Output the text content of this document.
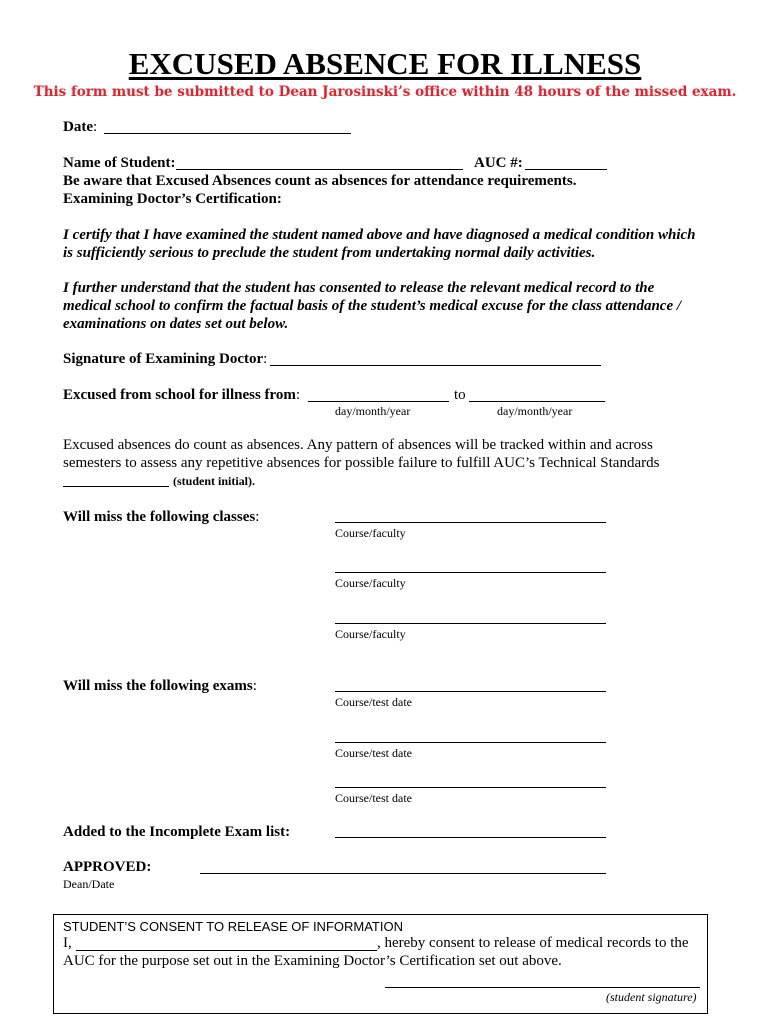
EXCUSED ABSENCE FOR ILLNESS
This form must be submitted to Dean Jarosinski’s office within 48 hours of the missed exam.
Date:
Name of Student:	AUC #:
Be aware that Excused Absences count as absences for attendance requirements.
Examining Doctor’s Certification:
I certify that I have examined the student named above and have diagnosed a medical condition which
is sufficiently serious to preclude the student from undertaking normal daily activities.
I further understand that the student has consented to release the relevant medical record to the
medical school to confirm the factual basis of the student’s medical excuse for the class attendance /
examinations on dates set out below.
Signature of Examining Doctor:
Excused from school for illness from:	to
day/month/year	day/month/year
Excused absences do count as absences. Any pattern of absences will be tracked within and across
semesters to assess any repetitive absences for possible failure to fulfill AUC’s Technical Standards
(student initial).
Will miss the following classes:
Course/faculty
Course/faculty
Course/faculty
Will miss the following exams:
Course/test date
Course/test date
Course/test date
Added to the Incomplete Exam list:
APPROVED:
Dean/Date
STUDENT’S CONSENT TO RELEASE OF INFORMATION
I,	, hereby consent to release of medical records to the
AUC for the purpose set out in the Examining Doctor’s Certification set out above.
(student signature)
